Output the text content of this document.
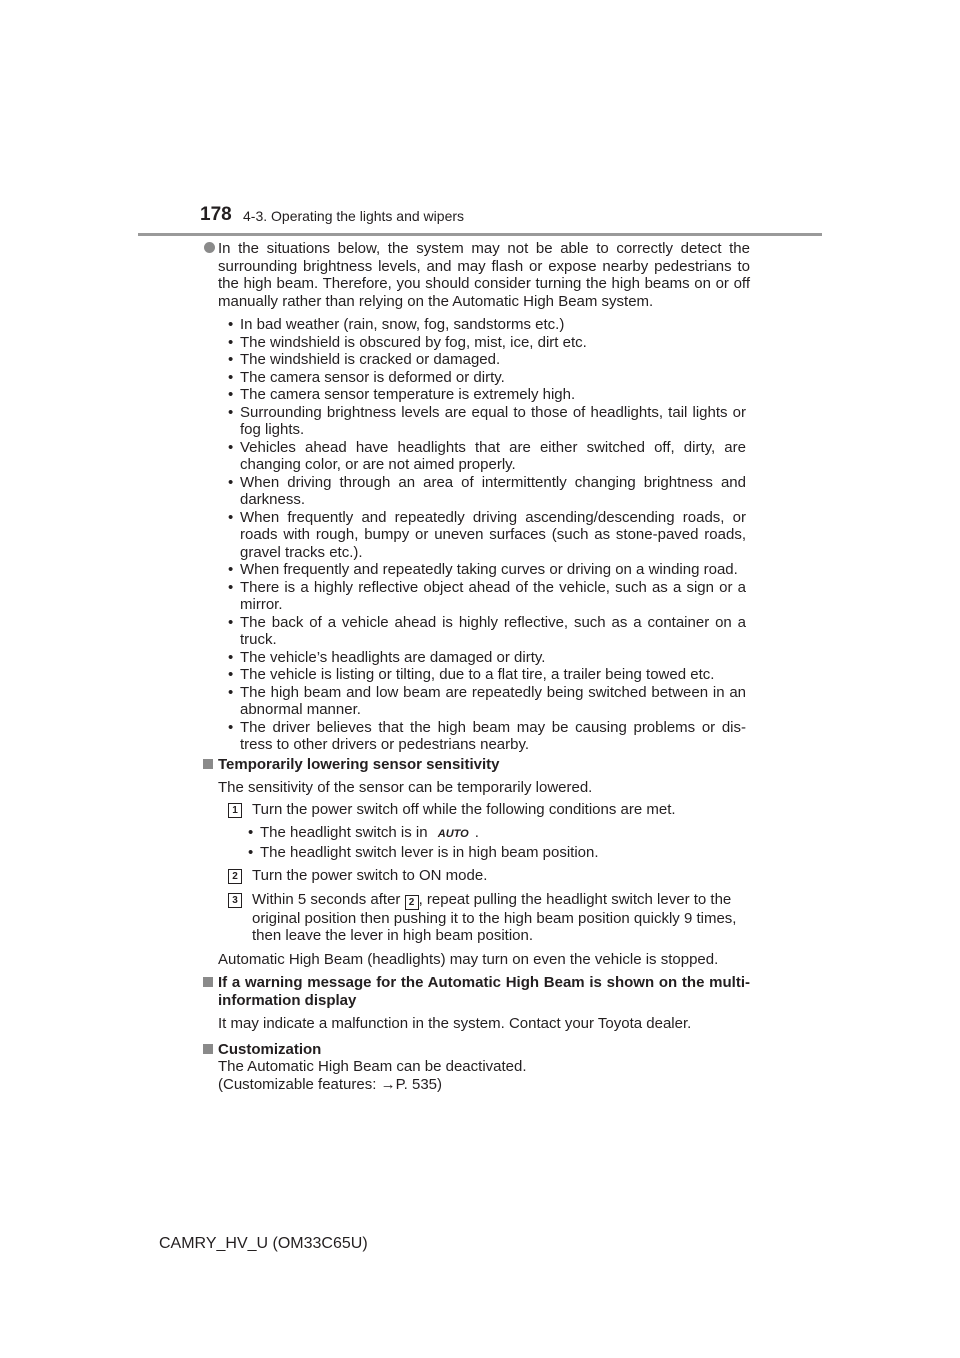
178 4-3. Operating the lights and wipers
In the situations below, the system may not be able to correctly detect the surrounding brightness levels, and may flash or expose nearby pedestrians to the high beam. Therefore, you should consider turning the high beams on or off manually rather than relying on the Automatic High Beam system.
• In bad weather (rain, snow, fog, sandstorms etc.)
• The windshield is obscured by fog, mist, ice, dirt etc.
• The windshield is cracked or damaged.
• The camera sensor is deformed or dirty.
• The camera sensor temperature is extremely high.
• Surrounding brightness levels are equal to those of headlights, tail lights or fog lights.
• Vehicles ahead have headlights that are either switched off, dirty, are changing color, or are not aimed properly.
• When driving through an area of intermittently changing brightness and darkness.
• When frequently and repeatedly driving ascending/descending roads, or roads with rough, bumpy or uneven surfaces (such as stone-paved roads, gravel tracks etc.).
• When frequently and repeatedly taking curves or driving on a winding road.
• There is a highly reflective object ahead of the vehicle, such as a sign or a mirror.
• The back of a vehicle ahead is highly reflective, such as a container on a truck.
• The vehicle’s headlights are damaged or dirty.
• The vehicle is listing or tilting, due to a flat tire, a trailer being towed etc.
• The high beam and low beam are repeatedly being switched between in an abnormal manner.
• The driver believes that the high beam may be causing problems or dis-tress to other drivers or pedestrians nearby.
Temporarily lowering sensor sensitivity
The sensitivity of the sensor can be temporarily lowered.
1 Turn the power switch off while the following conditions are met.
• The headlight switch is in AUTO .
• The headlight switch lever is in high beam position.
2 Turn the power switch to ON mode.
3 Within 5 seconds after 2 , repeat pulling the headlight switch lever to the original position then pushing it to the high beam position quickly 9 times, then leave the lever in high beam position.
Automatic High Beam (headlights) may turn on even the vehicle is stopped.
If a warning message for the Automatic High Beam is shown on the multi-information display
It may indicate a malfunction in the system. Contact your Toyota dealer.
Customization
The Automatic High Beam can be deactivated.
(Customizable features: →P. 535)
CAMRY_HV_U (OM33C65U)
